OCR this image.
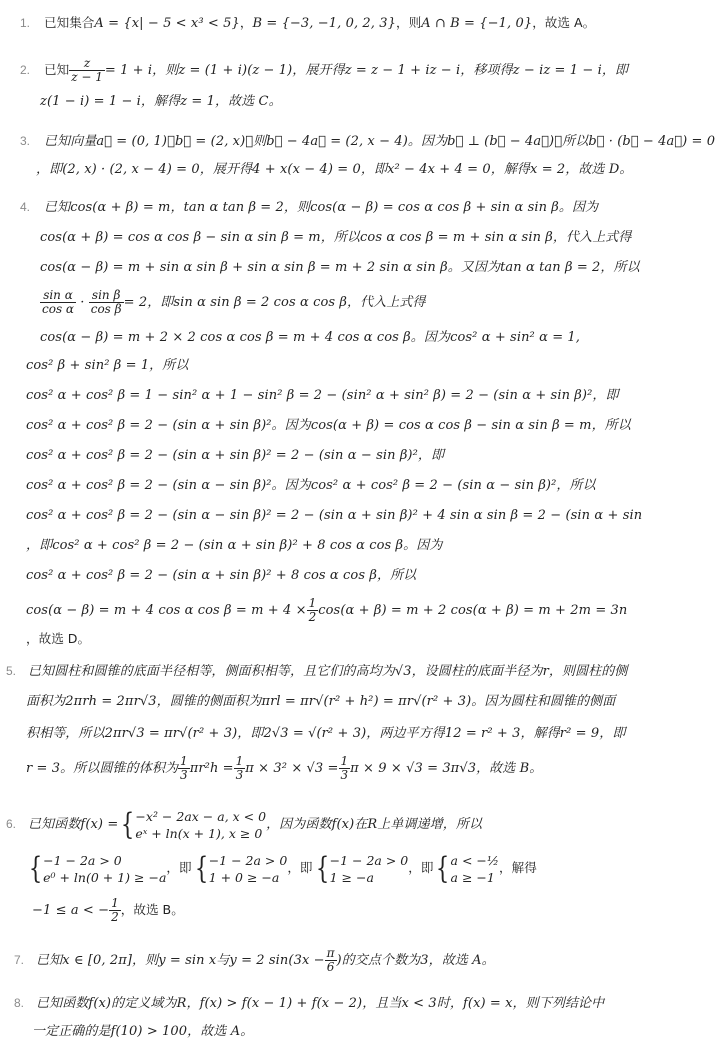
1. 已知集合A = {x| − 5 < x³ < 5}，B = {−3, −1, 0, 2, 3}，则A ∩ B = {−1, 0}，故选 A。
2. 已知 $\frac{z}{z - 1} = 1 + i$，则z = (1 + i)(z − 1)，展开得z = z − 1 + iz − i，移项得z − iz = 1 − i，即
z(1 − i) = 1 − i，解得z = 1，故选 C。
3. 已知向量a⃗ = (0, 1)，b⃗ = (2, x)，则b⃗ − 4a⃗ = (2, x − 4)。因为b⃗ ⊥ (b⃗ − 4a⃗)，所以b⃗ · (b⃗ − 4a⃗) = 0
，即(2, x) · (2, x − 4) = 0，展开得4 + x(x − 4) = 0，即x² − 4x + 4 = 0，解得x = 2，故选 D。
4. 已知cos(α + β) = m，tan α tan β = 2，则cos(α − β) = cos α cos β + sin α sin β。因为
cos(α + β) = cos α cos β − sin α sin β = m，所以cos α cos β = m + sin α sin β，代入上式得
cos(α − β) = m + sin α sin β + sin α sin β = m + 2 sin α sin β。又因为tan α tan β = 2，所以
$\frac{\text{sin α}}{\text{cos α}} \cdot \frac{\text{sin β}}{\text{cos β}} = 2$，即sin α sin β = 2 cos α cos β，代入上式得
cos(α − β) = m + 2 × 2 cos α cos β = m + 4 cos α cos β。因为cos² α + sin² α = 1,
cos² β + sin² β = 1，所以
cos² α + cos² β = 1 − sin² α + 1 − sin² β = 2 − (sin² α + sin² β) = 2 − (sin α + sin β)²，即
cos² α + cos² β = 2 − (sin α + sin β)²。因为cos(α + β) = cos α cos β − sin α sin β = m，所以
cos² α + cos² β = 2 − (sin α + sin β)² = 2 − (sin α − sin β)²，即
cos² α + cos² β = 2 − (sin α − sin β)²。因为cos² α + cos² β = 2 − (sin α − sin β)²，所以
cos² α + cos² β = 2 − (sin α − sin β)² = 2 − (sin α + sin β)² + 4 sin α sin β = 2 − (sin α + sin
，即cos² α + cos² β = 2 − (sin α + sin β)² + 8 cos α cos β。因为
cos² α + cos² β = 2 − (sin α + sin β)² + 8 cos α cos β，所以
cos(α − β) = m + 4 cos α $\cos \beta = m + 4 \times \frac{1}{2} \cos(\alpha + \beta) = m + 2$ cos(α + β) = m + 2m = 3n
，故选 D。
5. 已知圆柱和圆锥的底面半径相等，侧面积相等，且它们的高均为√3，设圆柱的底面半径为r，则圆柱的侧
面积为2πrh = 2πr√3，圆锥的侧面积为πrl = πr√(r² + h²) = πr√(r² + 3)。因为圆柱和圆锥的侧面
积相等，所以2πr√3 = πr√(r² + 3)，即2√3 = √(r² + 3)，两边平方得12 = r² + 3，解得r² = 9，即
r = 3。所以圆锥的体积为 $\frac{1}{3} \pi r^2h = \frac{1}{3}$ $\pi \times 3^2 \times √3 = \frac{1}{3}$ π × 9 × √3 = 3π√3，故选 B。
6. 已知函数f(x) ={ −x² − 2ax − a, x < 0
eˣ + ln(x + 1), x ≥ 0
，因为函数f(x)在R上单调递增，所以
{ −1 − 2a > 0
e⁰ + ln(0 + 1) ≥ −a
，即{ −1 − 2a > 0
1 + 0 ≥ −a
，即{ −1 − 2a > 0
1 ≥ −a
，即{ a < −½
a ≥ −1
，解得
−1 ≤ a < − $\frac{1}{2}$ ，故选 B。
7. 已知x ∈ [0, 2π]，则y = sin x与y = 2 $\sin(3x - \frac{\pi}{6}$ )的交点个数为3，故选 A。
8. 已知函数f(x)的定义域为R，f(x) > f(x − 1) + f(x − 2)，且当x < 3时，f(x) = x，则下列结论中
一定正确的是f(10) > 100，故选 A。
